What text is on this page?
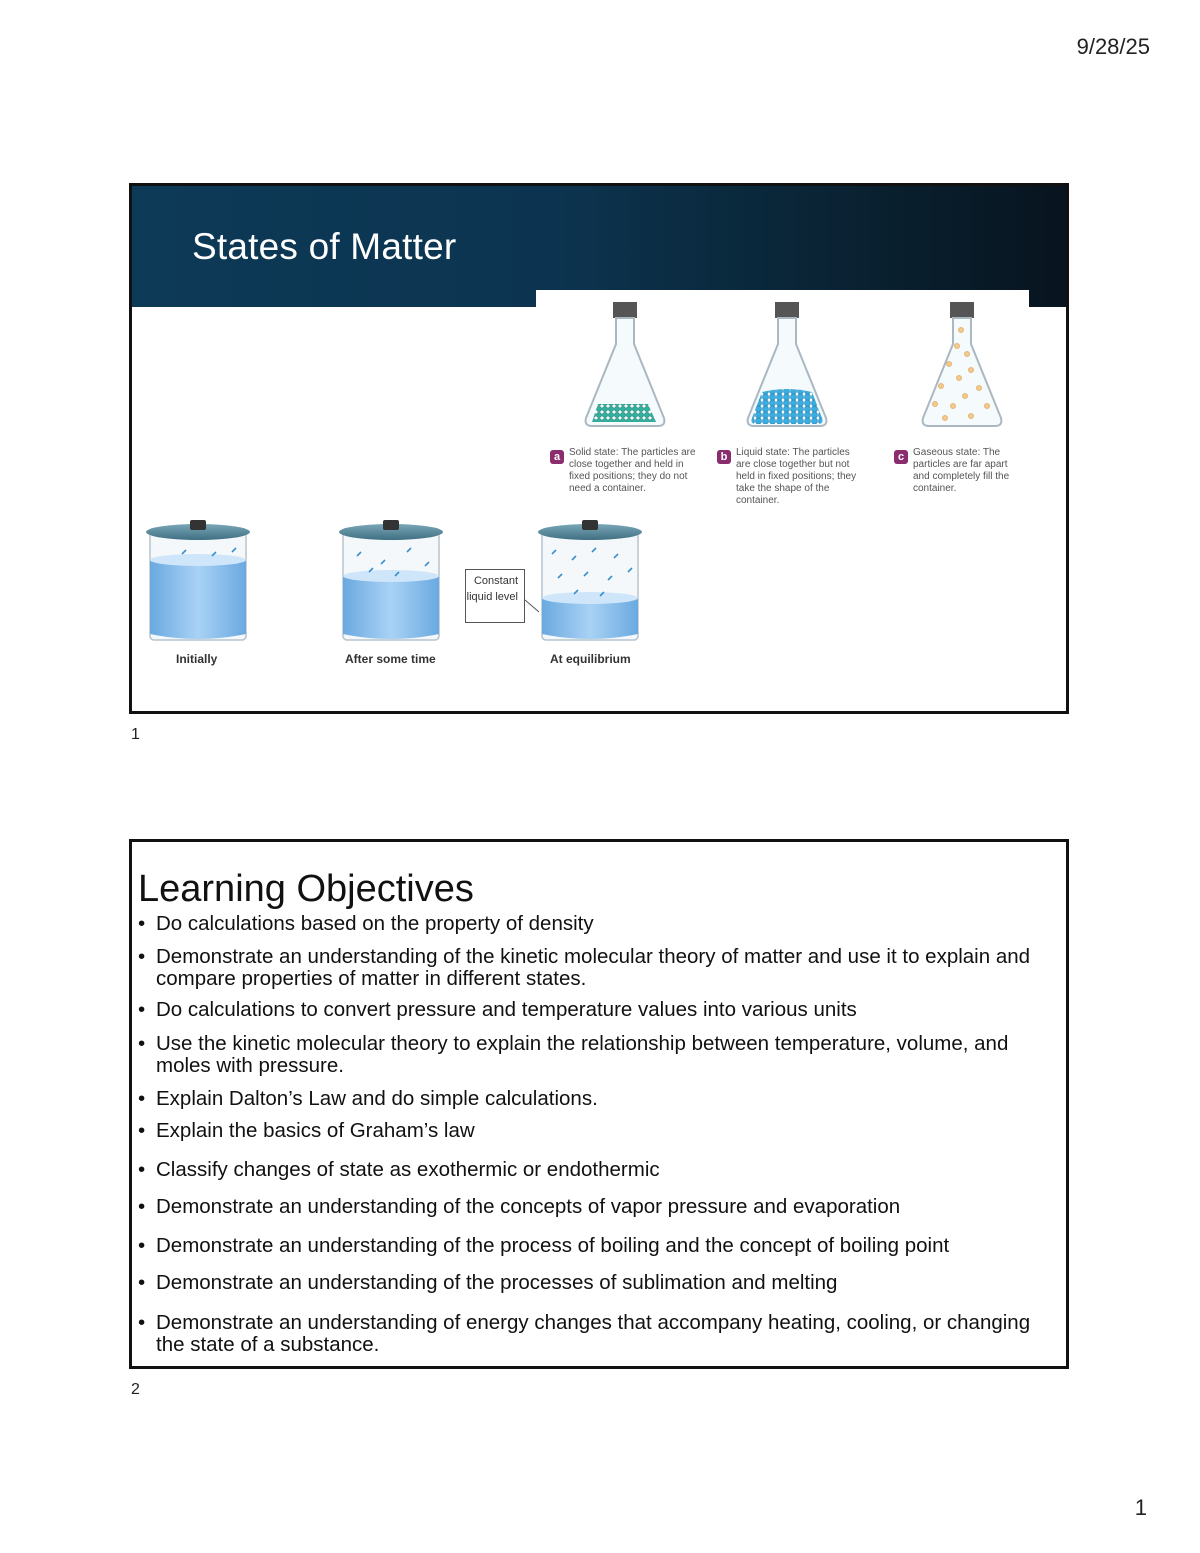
9/28/25
States of Matter
a Solid state: The particles are close together and held in fixed positions; they do not need a container.
b Liquid state: The particles are close together but not held in fixed positions; they take the shape of the container.
c Gaseous state: The particles are far apart and completely fill the container.
Constant liquid level
Initially	After some time	At equilibrium
1
Learning Objectives
• Do calculations based on the property of density
• Demonstrate an understanding of the kinetic molecular theory of matter and use it to explain and compare properties of matter in different states.
• Do calculations to convert pressure and temperature values into various units
• Use the kinetic molecular theory to explain the relationship between temperature, volume, and moles with pressure.
• Explain Dalton’s Law and do simple calculations.
• Explain the basics of Graham’s law
• Classify changes of state as exothermic or endothermic
• Demonstrate an understanding of the concepts of vapor pressure and evaporation
• Demonstrate an understanding of the process of boiling and the concept of boiling point
• Demonstrate an understanding of the processes of sublimation and melting
• Demonstrate an understanding of energy changes that accompany heating, cooling, or changing the state of a substance.
2
1
